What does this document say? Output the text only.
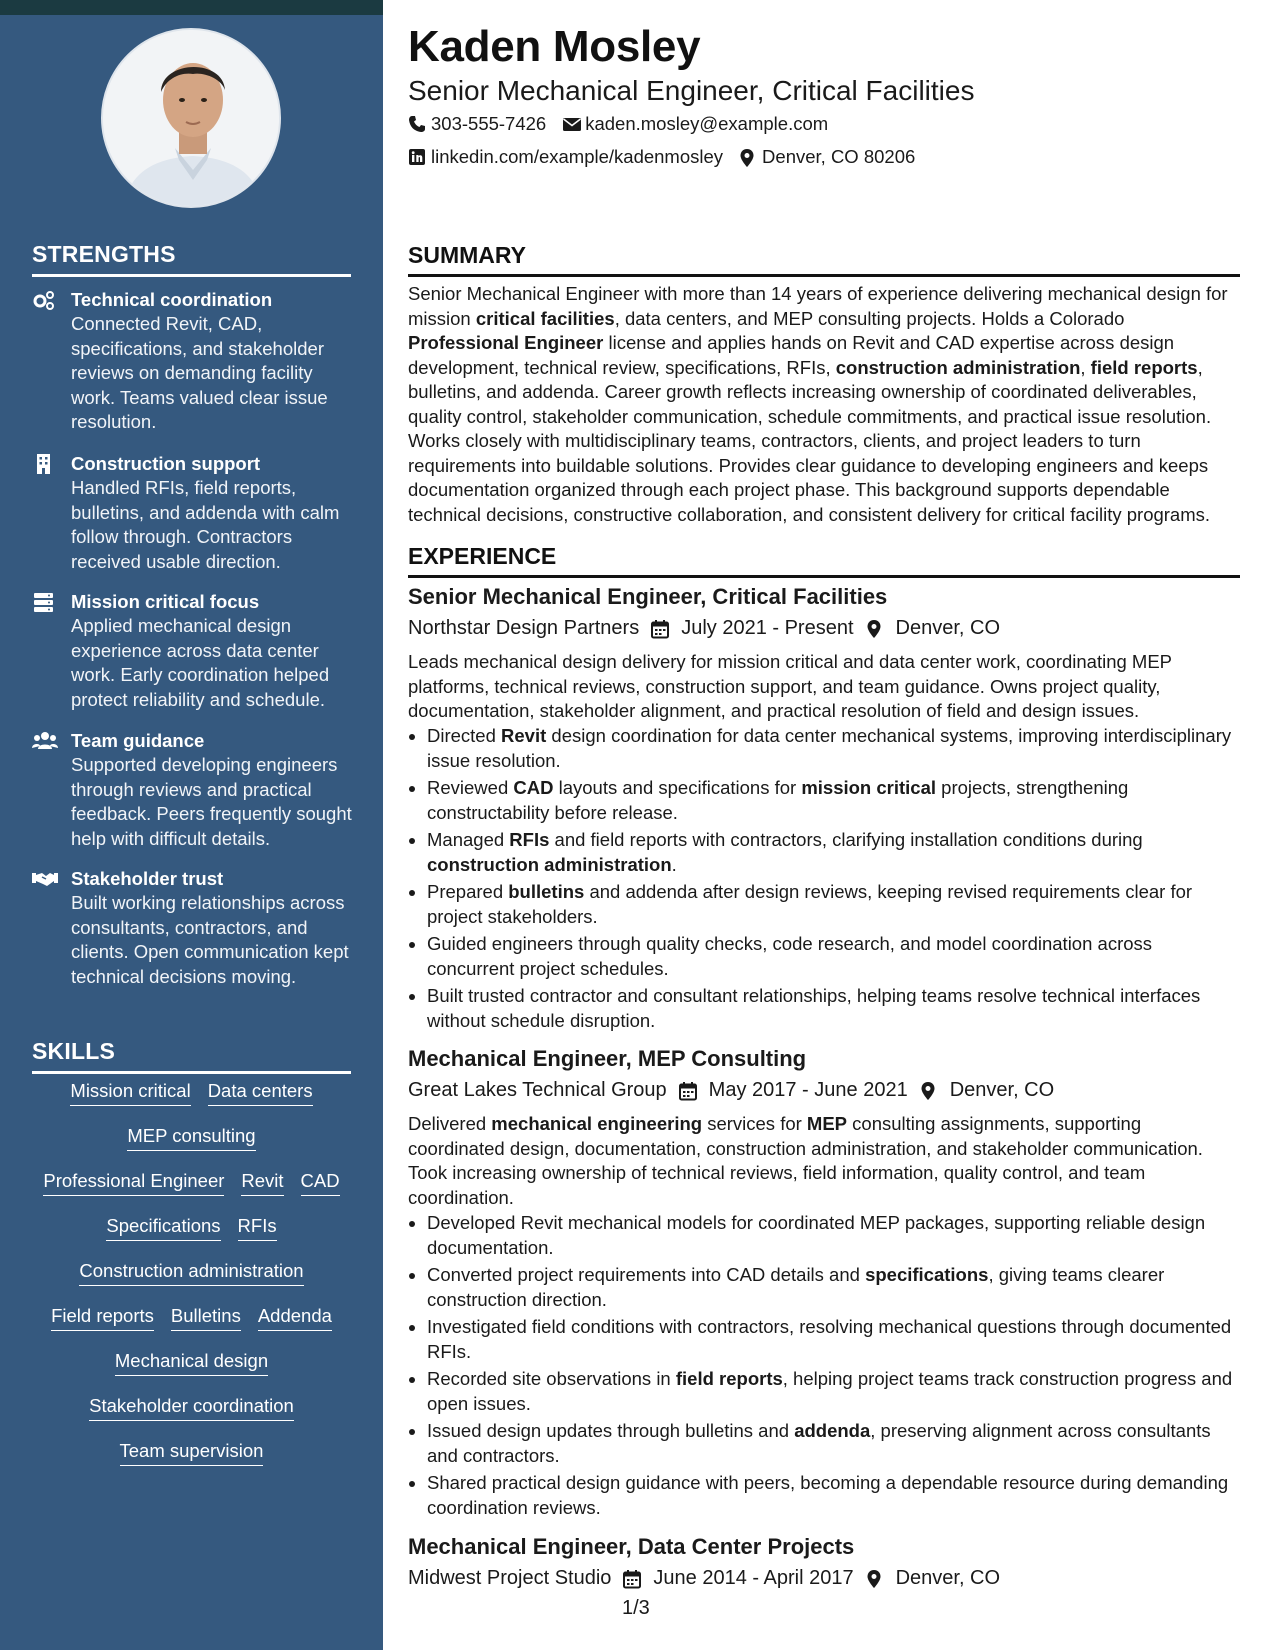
STRENGTHS
Technical coordination
Connected Revit, CAD, specifications, and stakeholder reviews on demanding facility work. Teams valued clear issue resolution.
Construction support
Handled RFIs, field reports, bulletins, and addenda with calm follow through. Contractors received usable direction.
Mission critical focus
Applied mechanical design experience across data center work. Early coordination helped protect reliability and schedule.
Team guidance
Supported developing engineers through reviews and practical feedback. Peers frequently sought help with difficult details.
Stakeholder trust
Built working relationships across consultants, contractors, and clients. Open communication kept technical decisions moving.
SKILLS
Mission critical Data centers
MEP consulting
Professional Engineer Revit CAD
Specifications RFIs
Construction administration
Field reports Bulletins Addenda
Mechanical design
Stakeholder coordination
Team supervision
Kaden Mosley
Senior Mechanical Engineer, Critical Facilities
303-555-7426 kaden.mosley@example.com
linkedin.com/example/kadenmosley Denver, CO 80206
SUMMARY
Senior Mechanical Engineer with more than 14 years of experience delivering mechanical design for mission critical facilities, data centers, and MEP consulting projects. Holds a Colorado Professional Engineer license and applies hands on Revit and CAD expertise across design development, technical review, specifications, RFIs, construction administration, field reports, bulletins, and addenda. Career growth reflects increasing ownership of coordinated deliverables, quality control, stakeholder communication, schedule commitments, and practical issue resolution. Works closely with multidisciplinary teams, contractors, clients, and project leaders to turn requirements into buildable solutions. Provides clear guidance to developing engineers and keeps documentation organized through each project phase. This background supports dependable technical decisions, constructive collaboration, and consistent delivery for critical facility programs.
EXPERIENCE
Senior Mechanical Engineer, Critical Facilities
Northstar Design Partners July 2021 - Present Denver, CO
Leads mechanical design delivery for mission critical and data center work, coordinating MEP platforms, technical reviews, construction support, and team guidance. Owns project quality, documentation, stakeholder alignment, and practical resolution of field and design issues.
Directed Revit design coordination for data center mechanical systems, improving interdisciplinary issue resolution.
Reviewed CAD layouts and specifications for mission critical projects, strengthening constructability before release.
Managed RFIs and field reports with contractors, clarifying installation conditions during construction administration.
Prepared bulletins and addenda after design reviews, keeping revised requirements clear for project stakeholders.
Guided engineers through quality checks, code research, and model coordination across concurrent project schedules.
Built trusted contractor and consultant relationships, helping teams resolve technical interfaces without schedule disruption.
Mechanical Engineer, MEP Consulting
Great Lakes Technical Group May 2017 - June 2021 Denver, CO
Delivered mechanical engineering services for MEP consulting assignments, supporting coordinated design, documentation, construction administration, and stakeholder communication. Took increasing ownership of technical reviews, field information, quality control, and team coordination.
Developed Revit mechanical models for coordinated MEP packages, supporting reliable design documentation.
Converted project requirements into CAD details and specifications, giving teams clearer construction direction.
Investigated field conditions with contractors, resolving mechanical questions through documented RFIs.
Recorded site observations in field reports, helping project teams track construction progress and open issues.
Issued design updates through bulletins and addenda, preserving alignment across consultants and contractors.
Shared practical design guidance with peers, becoming a dependable resource during demanding coordination reviews.
Mechanical Engineer, Data Center Projects
Midwest Project Studio June 2014 - April 2017 Denver, CO
1/3
